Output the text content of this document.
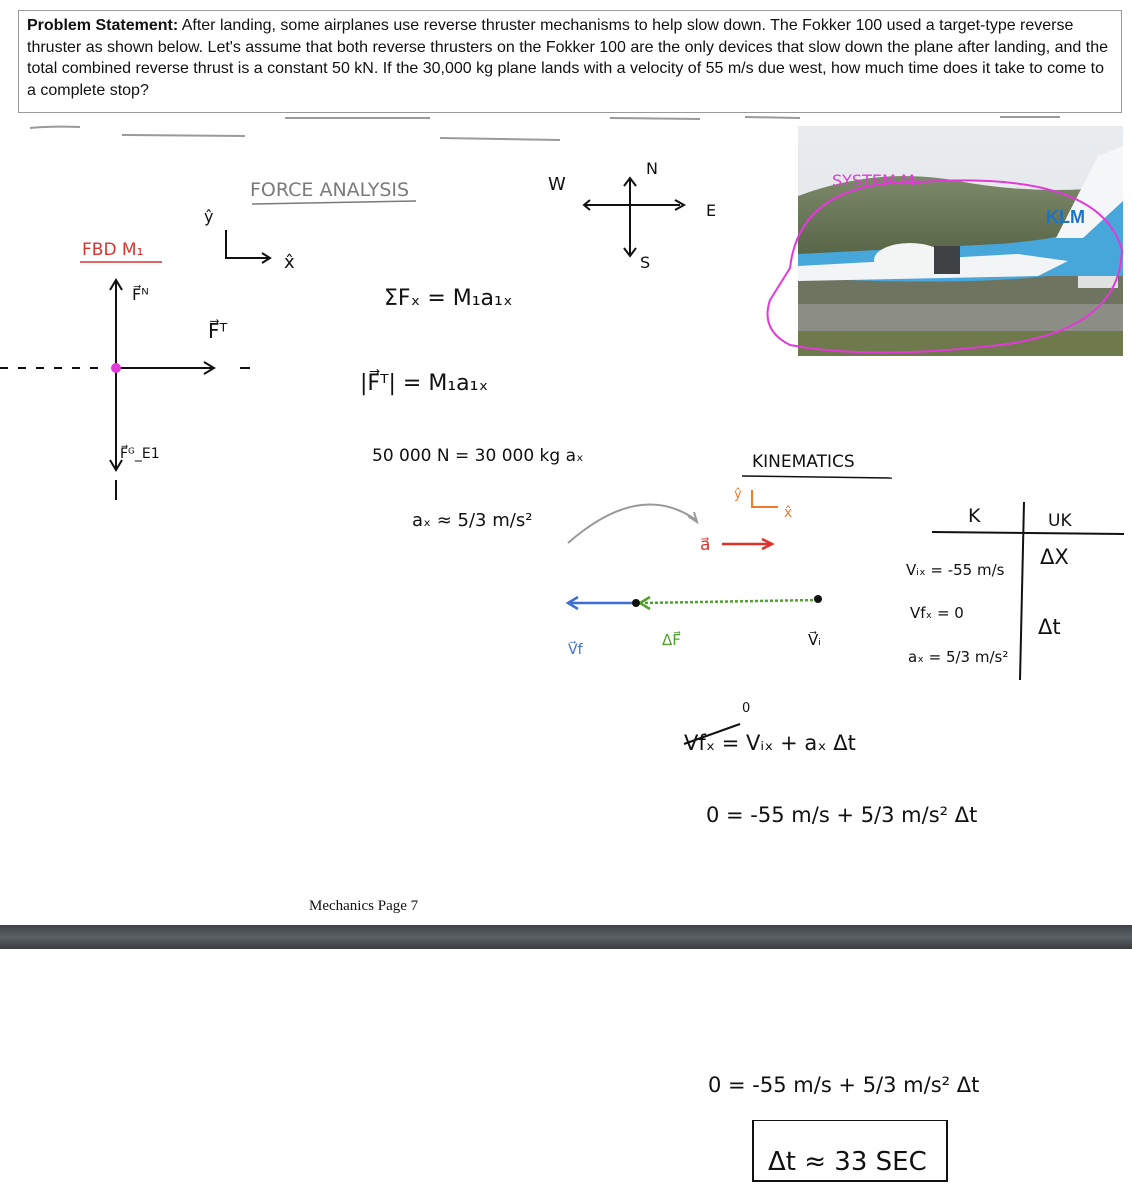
Problem Statement: After landing, some airplanes use reverse thruster mechanisms to help slow down. The Fokker 100 used a target-type reverse thruster as shown below. Let's assume that both reverse thrusters on the Fokker 100 are the only devices that slow down the plane after landing, and the total combined reverse thrust is a constant 50 kN. If the 30,000 kg plane lands with a velocity of 55 m/s due west, how much time does it take to come to a complete stop?
KLM
FORCE ANALYSIS
FBD M₁
ŷ
x̂
N
S
E
W
F⃗ᴺ
F⃗ᵀ
F⃗ᴳ_E1
ΣFₓ = M₁a₁ₓ
|F⃗ᵀ| = M₁a₁ₓ
50 000 N = 30 000 kg aₓ
aₓ ≈ 5/3 m/s²
SYSTEM M₁
KINEMATICS
ŷ
x̂
a⃗
V⃗f
ΔF⃗	V⃗ᵢ
K	UK
Vᵢₓ = -55 m/s
Vfₓ = 0
aₓ = 5/3 m/s²
ΔX
Δt
0
Vfₓ = Vᵢₓ + aₓ Δt
0 = -55 m/s + 5/3 m/s² Δt
0 = -55 m/s + 5/3 m/s² Δt
Δt ≈ 33 SEC
Mechanics Page 7
